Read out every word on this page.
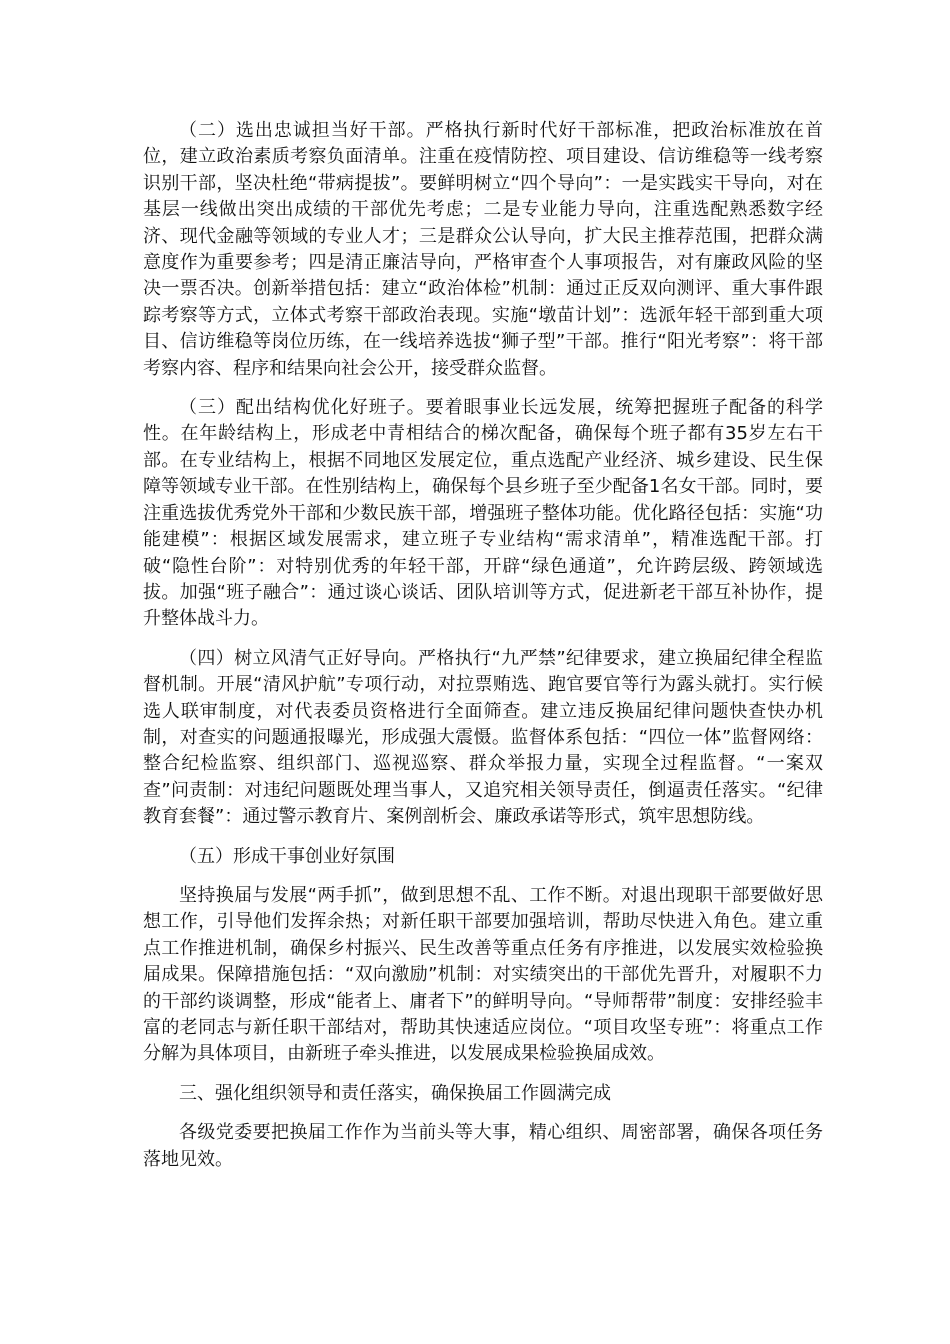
（二）选出忠诚担当好干部。严格执行新时代好干部标准，把政治标准放在首位，建立政治素质考察负面清单。注重在疫情防控、项目建设、信访维稳等一线考察识别干部，坚决杜绝“带病提拔”。要鲜明树立“四个导向”：一是实践实干导向，对在基层一线做出突出成绩的干部优先考虑；二是专业能力导向，注重选配熟悉数字经济、现代金融等领域的专业人才；三是群众公认导向，扩大民主推荐范围，把群众满意度作为重要参考；四是清正廉洁导向，严格审查个人事项报告，对有廉政风险的坚决一票否决。创新举措包括：建立“政治体检”机制：通过正反双向测评、重大事件跟踪考察等方式，立体式考察干部政治表现。实施“墩苗计划”：选派年轻干部到重大项目、信访维稳等岗位历练，在一线培养选拔“狮子型”干部。推行“阳光考察”：将干部考察内容、程序和结果向社会公开，接受群众监督。

（三）配出结构优化好班子。要着眼事业长远发展，统筹把握班子配备的科学性。在年龄结构上，形成老中青相结合的梯次配备，确保每个班子都有35岁左右干部。在专业结构上，根据不同地区发展定位，重点选配产业经济、城乡建设、民生保障等领域专业干部。在性别结构上，确保每个县乡班子至少配备1名女干部。同时，要注重选拔优秀党外干部和少数民族干部，增强班子整体功能。优化路径包括：实施“功能建模”：根据区域发展需求，建立班子专业结构“需求清单”，精准选配干部。打破“隐性台阶”：对特别优秀的年轻干部，开辟“绿色通道”，允许跨层级、跨领域选拔。加强“班子融合”：通过谈心谈话、团队培训等方式，促进新老干部互补协作，提升整体战斗力。

（四）树立风清气正好导向。严格执行“九严禁”纪律要求，建立换届纪律全程监督机制。开展“清风护航”专项行动，对拉票贿选、跑官要官等行为露头就打。实行候选人联审制度，对代表委员资格进行全面筛查。建立违反换届纪律问题快查快办机制，对查实的问题通报曝光，形成强大震慑。监督体系包括：“四位一体”监督网络：整合纪检监察、组织部门、巡视巡察、群众举报力量，实现全过程监督。“一案双查”问责制：对违纪问题既处理当事人，又追究相关领导责任，倒逼责任落实。“纪律教育套餐”：通过警示教育片、案例剖析会、廉政承诺等形式，筑牢思想防线。

（五）形成干事创业好氛围

坚持换届与发展“两手抓”，做到思想不乱、工作不断。对退出现职干部要做好思想工作，引导他们发挥余热；对新任职干部要加强培训，帮助尽快进入角色。建立重点工作推进机制，确保乡村振兴、民生改善等重点任务有序推进，以发展实效检验换届成果。保障措施包括：“双向激励”机制：对实绩突出的干部优先晋升，对履职不力的干部约谈调整，形成“能者上、庸者下”的鲜明导向。“导师帮带”制度：安排经验丰富的老同志与新任职干部结对，帮助其快速适应岗位。“项目攻坚专班”：将重点工作分解为具体项目，由新班子牵头推进，以发展成果检验换届成效。

三、强化组织领导和责任落实，确保换届工作圆满完成

各级党委要把换届工作作为当前头等大事，精心组织、周密部署，确保各项任务落地见效。
